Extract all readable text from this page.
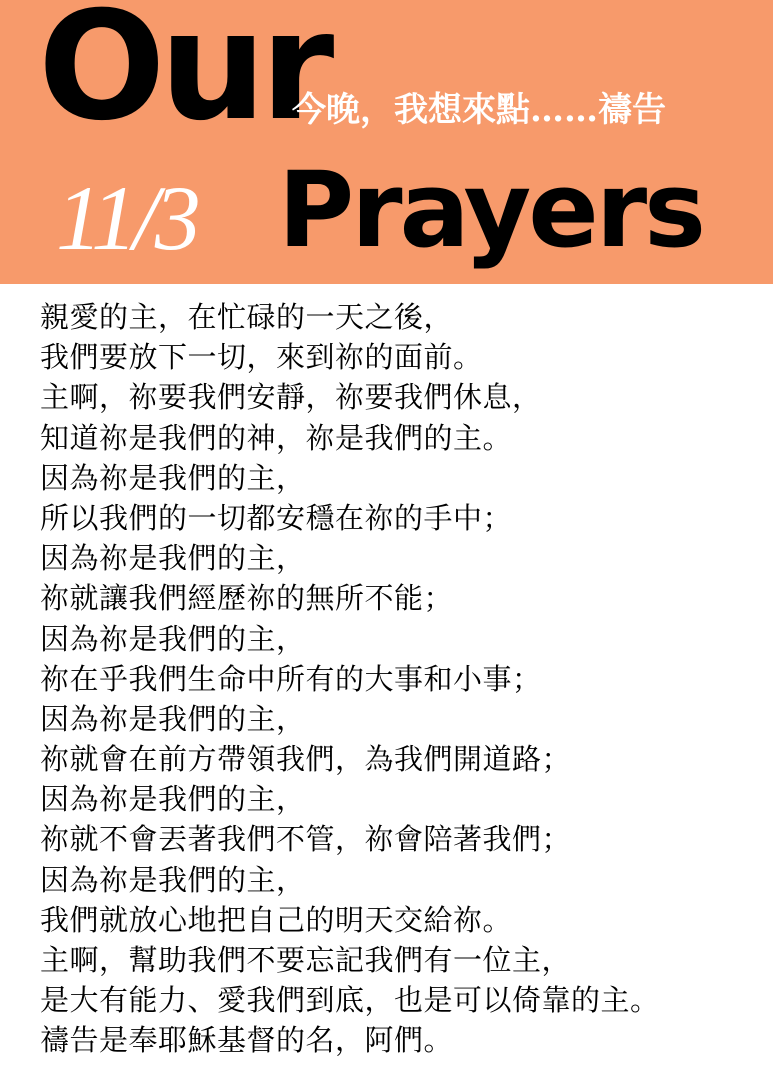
Our
今晚，我想來點……禱告
11/3 Prayers
親愛的主，在忙碌的一天之後，
我們要放下一切，來到祢的面前。
主啊，祢要我們安靜，祢要我們休息，
知道祢是我們的神，祢是我們的主。
因為祢是我們的主，
所以我們的一切都安穩在祢的手中；
因為祢是我們的主，
祢就讓我們經歷祢的無所不能；
因為祢是我們的主，
祢在乎我們生命中所有的大事和小事；
因為祢是我們的主，
祢就會在前方帶領我們，為我們開道路；
因為祢是我們的主，
祢就不會丟著我們不管，祢會陪著我們；
因為祢是我們的主，
我們就放心地把自己的明天交給祢。
主啊，幫助我們不要忘記我們有一位主，
是大有能力、愛我們到底，也是可以倚靠的主。
禱告是奉耶穌基督的名，阿們。
